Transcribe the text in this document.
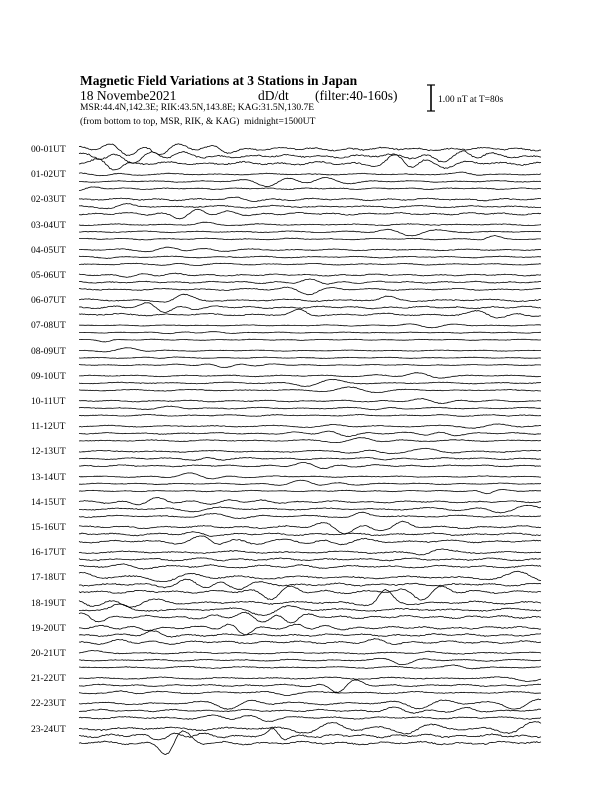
Magnetic Field Variations at 3 Stations in Japan
18 Novembe2021	dD/dt (filter:40-160s)
MSR:44.4N,142.3E; RIK:43.5N,143.8E; KAG:31.5N,130.7E
(from bottom to top, MSR, RIK, & KAG) midnight=1500UT
1.00 nT at T=80s
00-01UT
01-02UT
02-03UT
03-04UT
04-05UT
05-06UT
06-07UT
07-08UT
08-09UT
09-10UT
10-11UT
11-12UT
12-13UT
13-14UT
14-15UT
15-16UT
16-17UT
17-18UT
18-19UT
19-20UT
20-21UT
21-22UT
22-23UT
23-24UT
